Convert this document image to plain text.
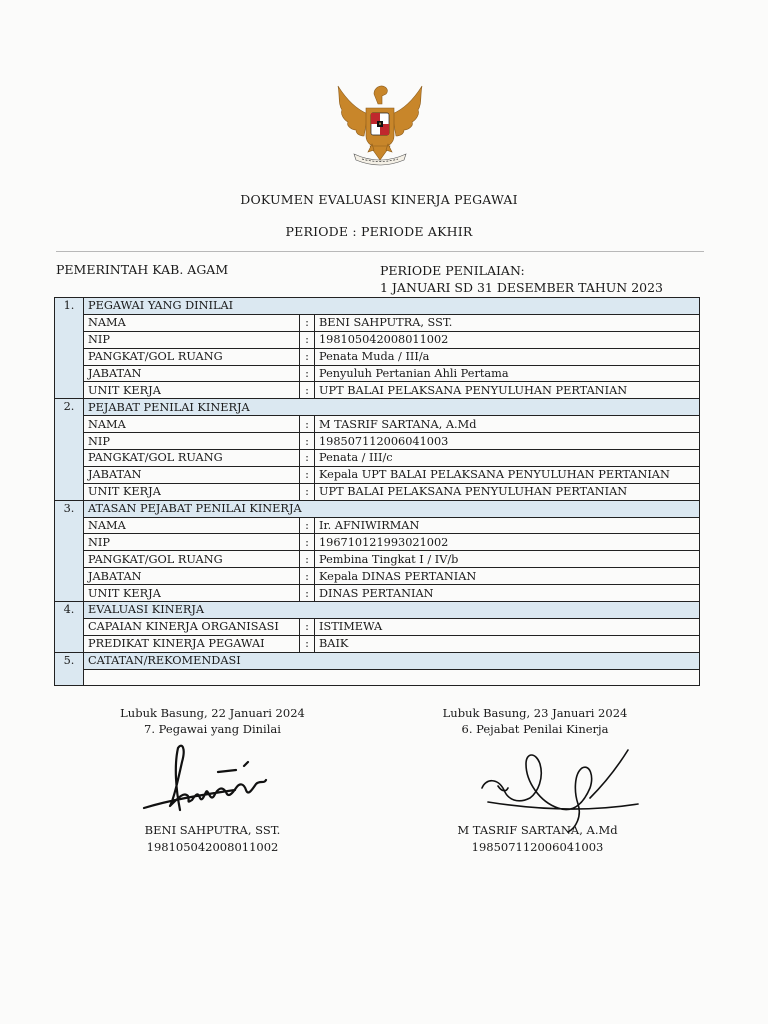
DOKUMEN EVALUASI KINERJA PEGAWAI
PERIODE : PERIODE AKHIR
PEMERINTAH KAB. AGAM	PERIODE PENILAIAN:
1 JANUARI SD 31 DESEMBER TAHUN 2023
1.	PEGAWAI YANG DINILAI		
	NAMA	:	BENI SAHPUTRA, SST.
	NIP	:	198105042008011002
	PANGKAT/GOL RUANG	:	Penata Muda / III/a
	JABATAN	:	Penyuluh Pertanian Ahli Pertama
	UNIT KERJA	:	UPT BALAI PELAKSANA PENYULUHAN PERTANIAN
2.	PEJABAT PENILAI KINERJA		
	NAMA	:	M TASRIF SARTANA, A.Md
	NIP	:	198507112006041003
	PANGKAT/GOL RUANG	:	Penata / III/c
	JABATAN	:	Kepala UPT BALAI PELAKSANA PENYULUHAN PERTANIAN
	UNIT KERJA	:	UPT BALAI PELAKSANA PENYULUHAN PERTANIAN
3.	ATASAN PEJABAT PENILAI KINERJA		
	NAMA	:	Ir. AFNIWIRMAN
	NIP	:	196710121993021002
	PANGKAT/GOL RUANG	:	Pembina Tingkat I / IV/b
	JABATAN	:	Kepala DINAS PERTANIAN
	UNIT KERJA	:	DINAS PERTANIAN
4.	EVALUASI KINERJA		
	CAPAIAN KINERJA ORGANISASI	:	ISTIMEWA
	PREDIKAT KINERJA PEGAWAI	:	BAIK
5.	CATATAN/REKOMENDASI		

Lubuk Basung, 22 Januari 2024
7. Pegawai yang Dinilai
Lubuk Basung, 23 Januari 2024
6. Pejabat Penilai Kinerja
BENI SAHPUTRA, SST.
198105042008011002
M TASRIF SARTANA, A.Md
198507112006041003
